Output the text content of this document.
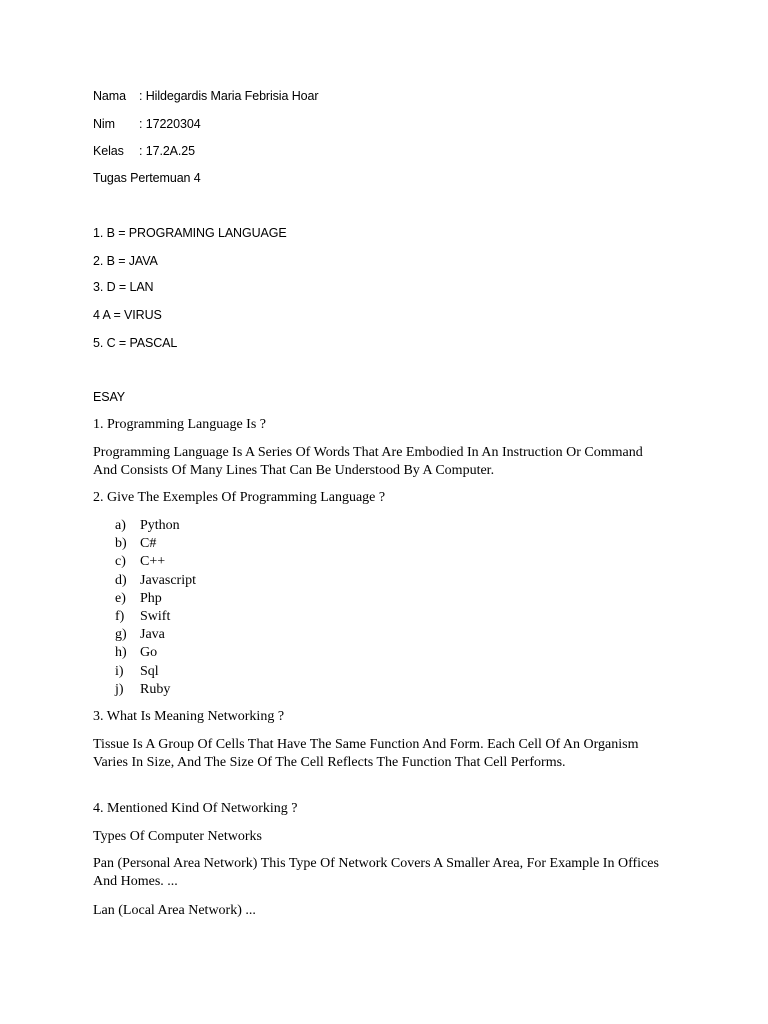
Nama : Hildegardis Maria Febrisia Hoar
Nim : 17220304
Kelas : 17.2A.25
Tugas Pertemuan 4
1. B = PROGRAMING LANGUAGE
2. B = JAVA
3. D = LAN
4 A = VIRUS
5. C = PASCAL
ESAY
1. Programming Language Is ?
Programming Language Is A Series Of Words That Are Embodied In An Instruction Or Command And Consists Of Many Lines That Can Be Understood By A Computer.
2. Give The Exemples Of Programming Language ?
a) Python
b) C#
c) C++
d) Javascript
e) Php
f) Swift
g) Java
h) Go
i) Sql
j) Ruby
3. What Is Meaning Networking ?
Tissue Is A Group Of Cells That Have The Same Function And Form. Each Cell Of An Organism Varies In Size, And The Size Of The Cell Reflects The Function That Cell Performs.
4. Mentioned Kind Of Networking ?
Types Of Computer Networks
Pan (Personal Area Network) This Type Of Network Covers A Smaller Area, For Example In Offices And Homes. ...
Lan (Local Area Network) ...
